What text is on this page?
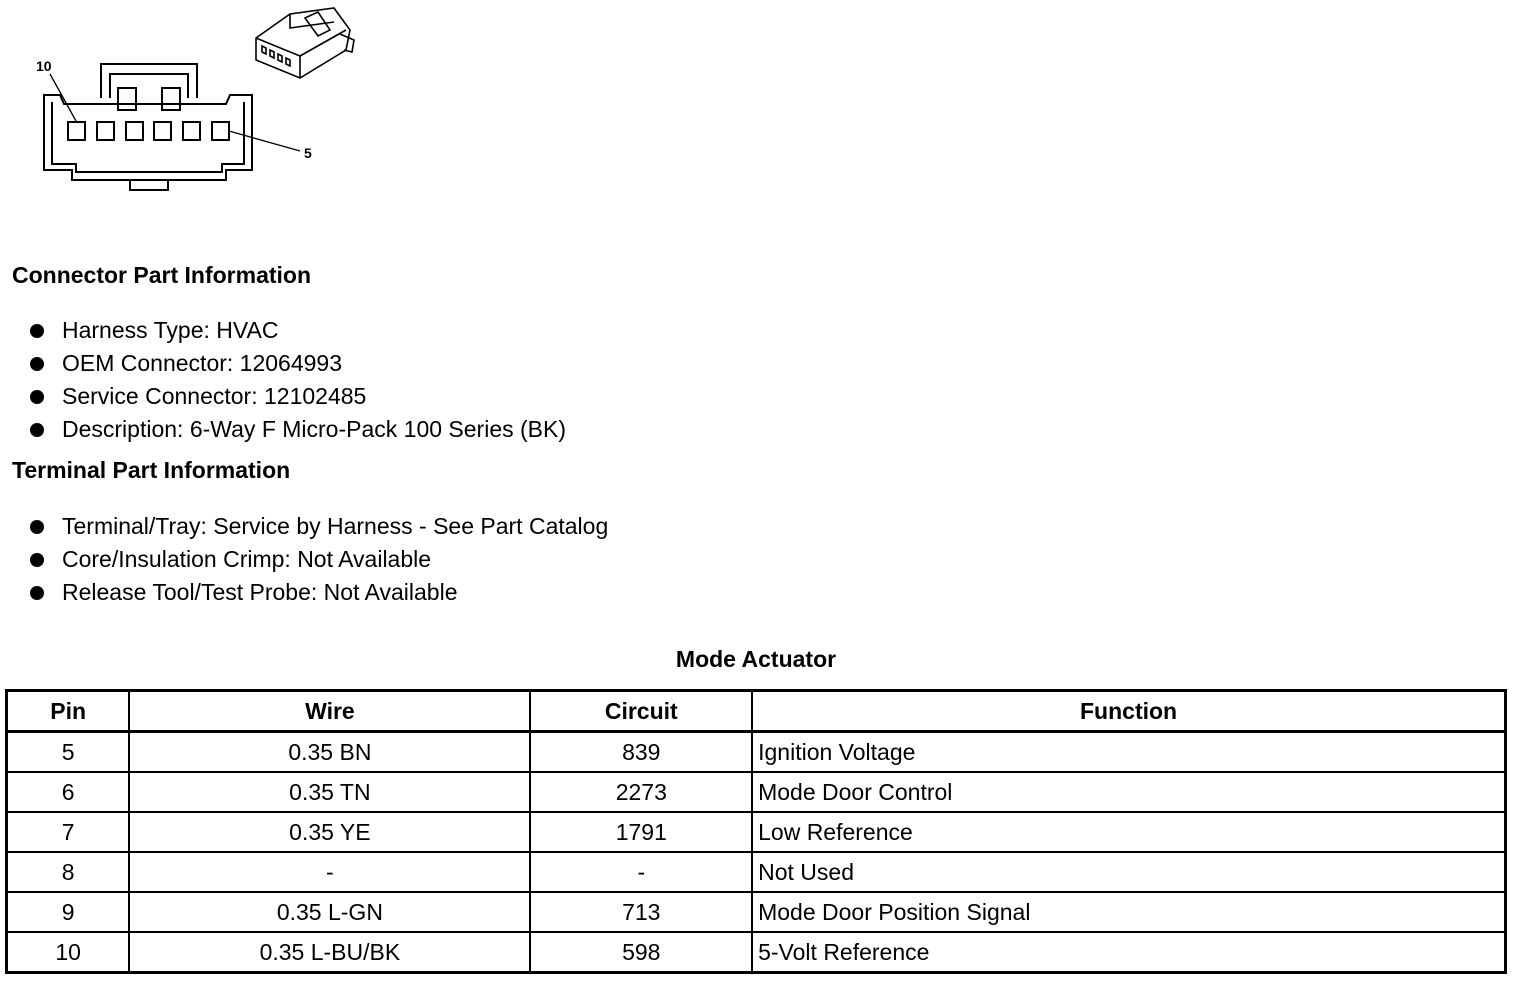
10
5
Connector Part Information
Harness Type: HVAC
OEM Connector: 12064993
Service Connector: 12102485
Description: 6-Way F Micro-Pack 100 Series (BK)
Terminal Part Information
Terminal/Tray: Service by Harness - See Part Catalog
Core/Insulation Crimp: Not Available
Release Tool/Test Probe: Not Available
Mode Actuator
Pin	Wire	Circuit	Function
5	0.35 BN	839	Ignition Voltage
6	0.35 TN	2273	Mode Door Control
7	0.35 YE	1791	Low Reference
8	-	-	Not Used
9	0.35 L-GN	713	Mode Door Position Signal
10	0.35 L-BU/BK	598	5-Volt Reference
